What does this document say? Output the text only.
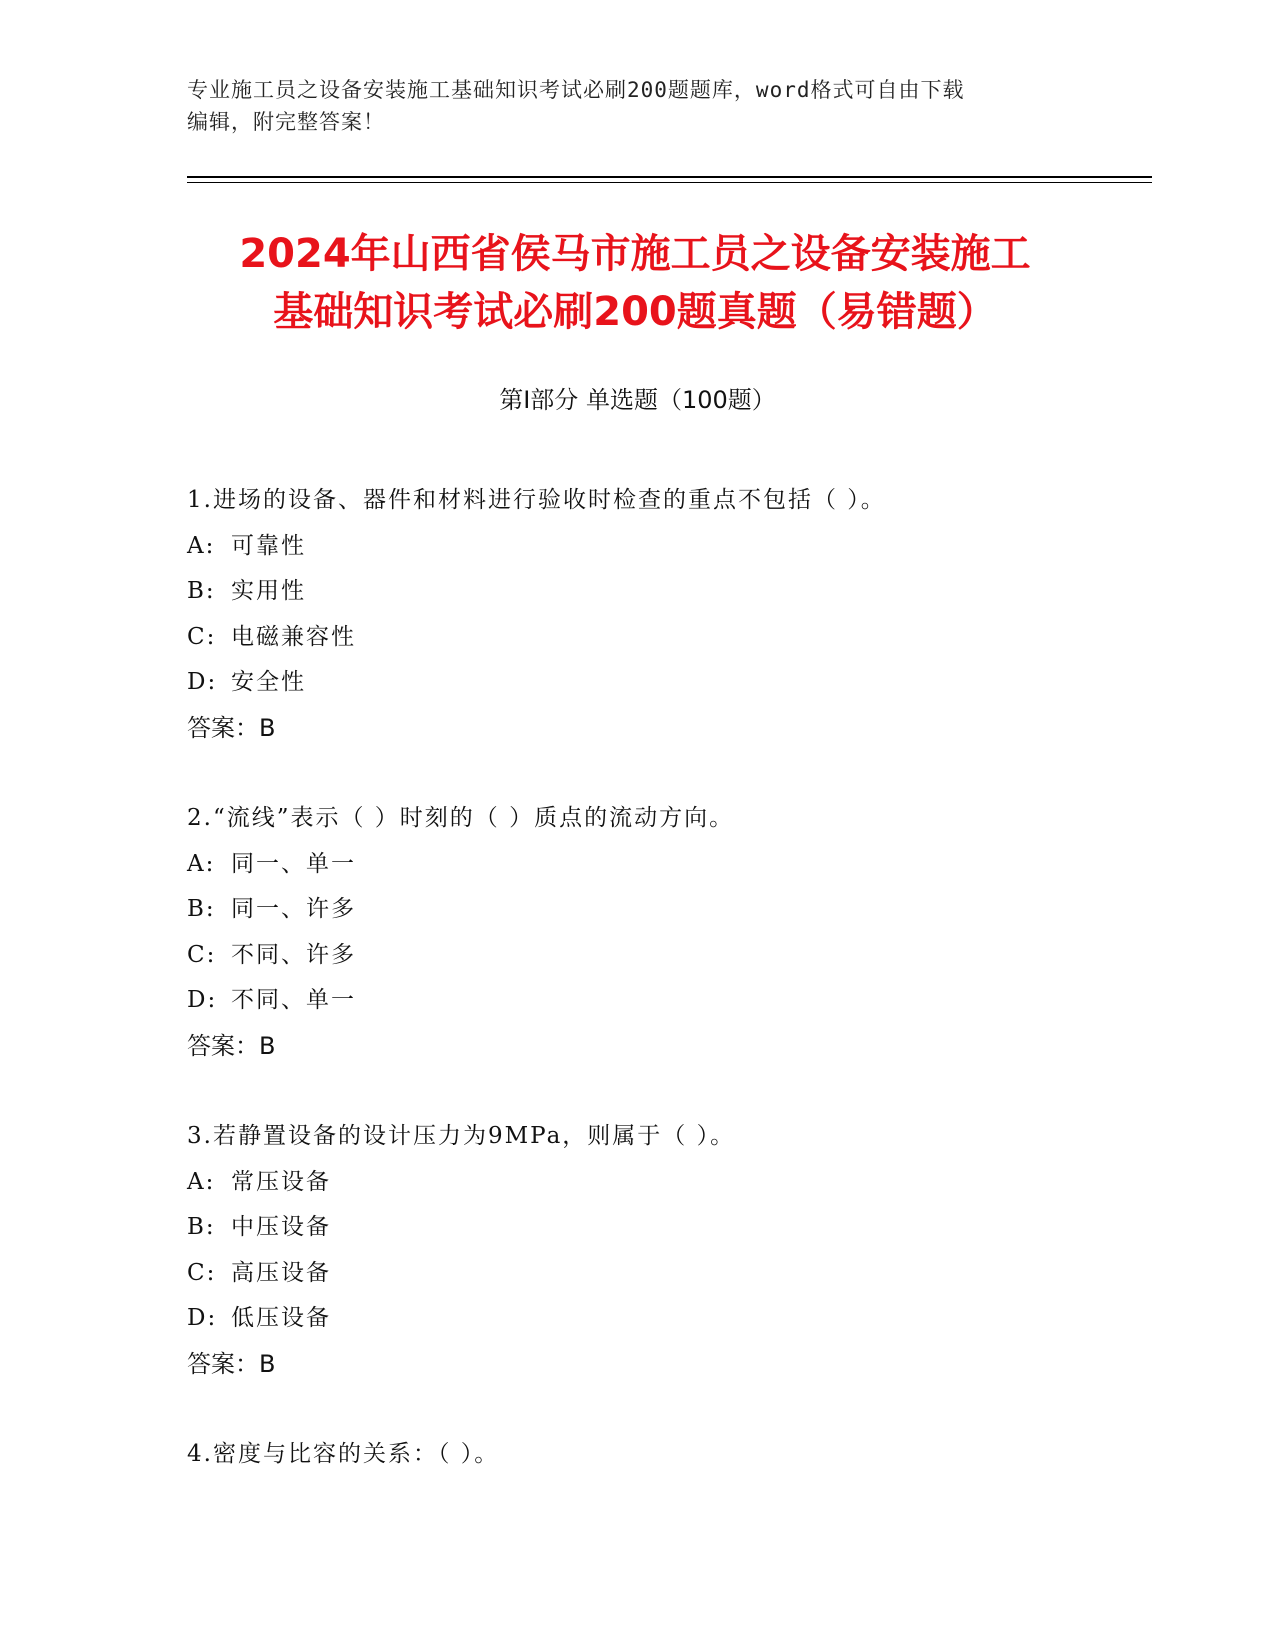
专业施工员之设备安装施工基础知识考试必刷200题题库，word格式可自由下载
编辑，附完整答案！
2024年山西省侯马市施工员之设备安装施工
基础知识考试必刷200题真题（易错题）
第Ⅰ部分 单选题（100题）
1.进场的设备、器件和材料进行验收时检查的重点不包括（ ）。
A: 可靠性
B: 实用性
C: 电磁兼容性
D: 安全性
答案：B
2.“流线”表示（ ）时刻的（ ）质点的流动方向。
A: 同一、单一
B: 同一、许多
C: 不同、许多
D: 不同、单一
答案：B
3.若静置设备的设计压力为9MPa，则属于（ ）。
A: 常压设备
B: 中压设备
C: 高压设备
D: 低压设备
答案：B
4.密度与比容的关系：（ ）。
